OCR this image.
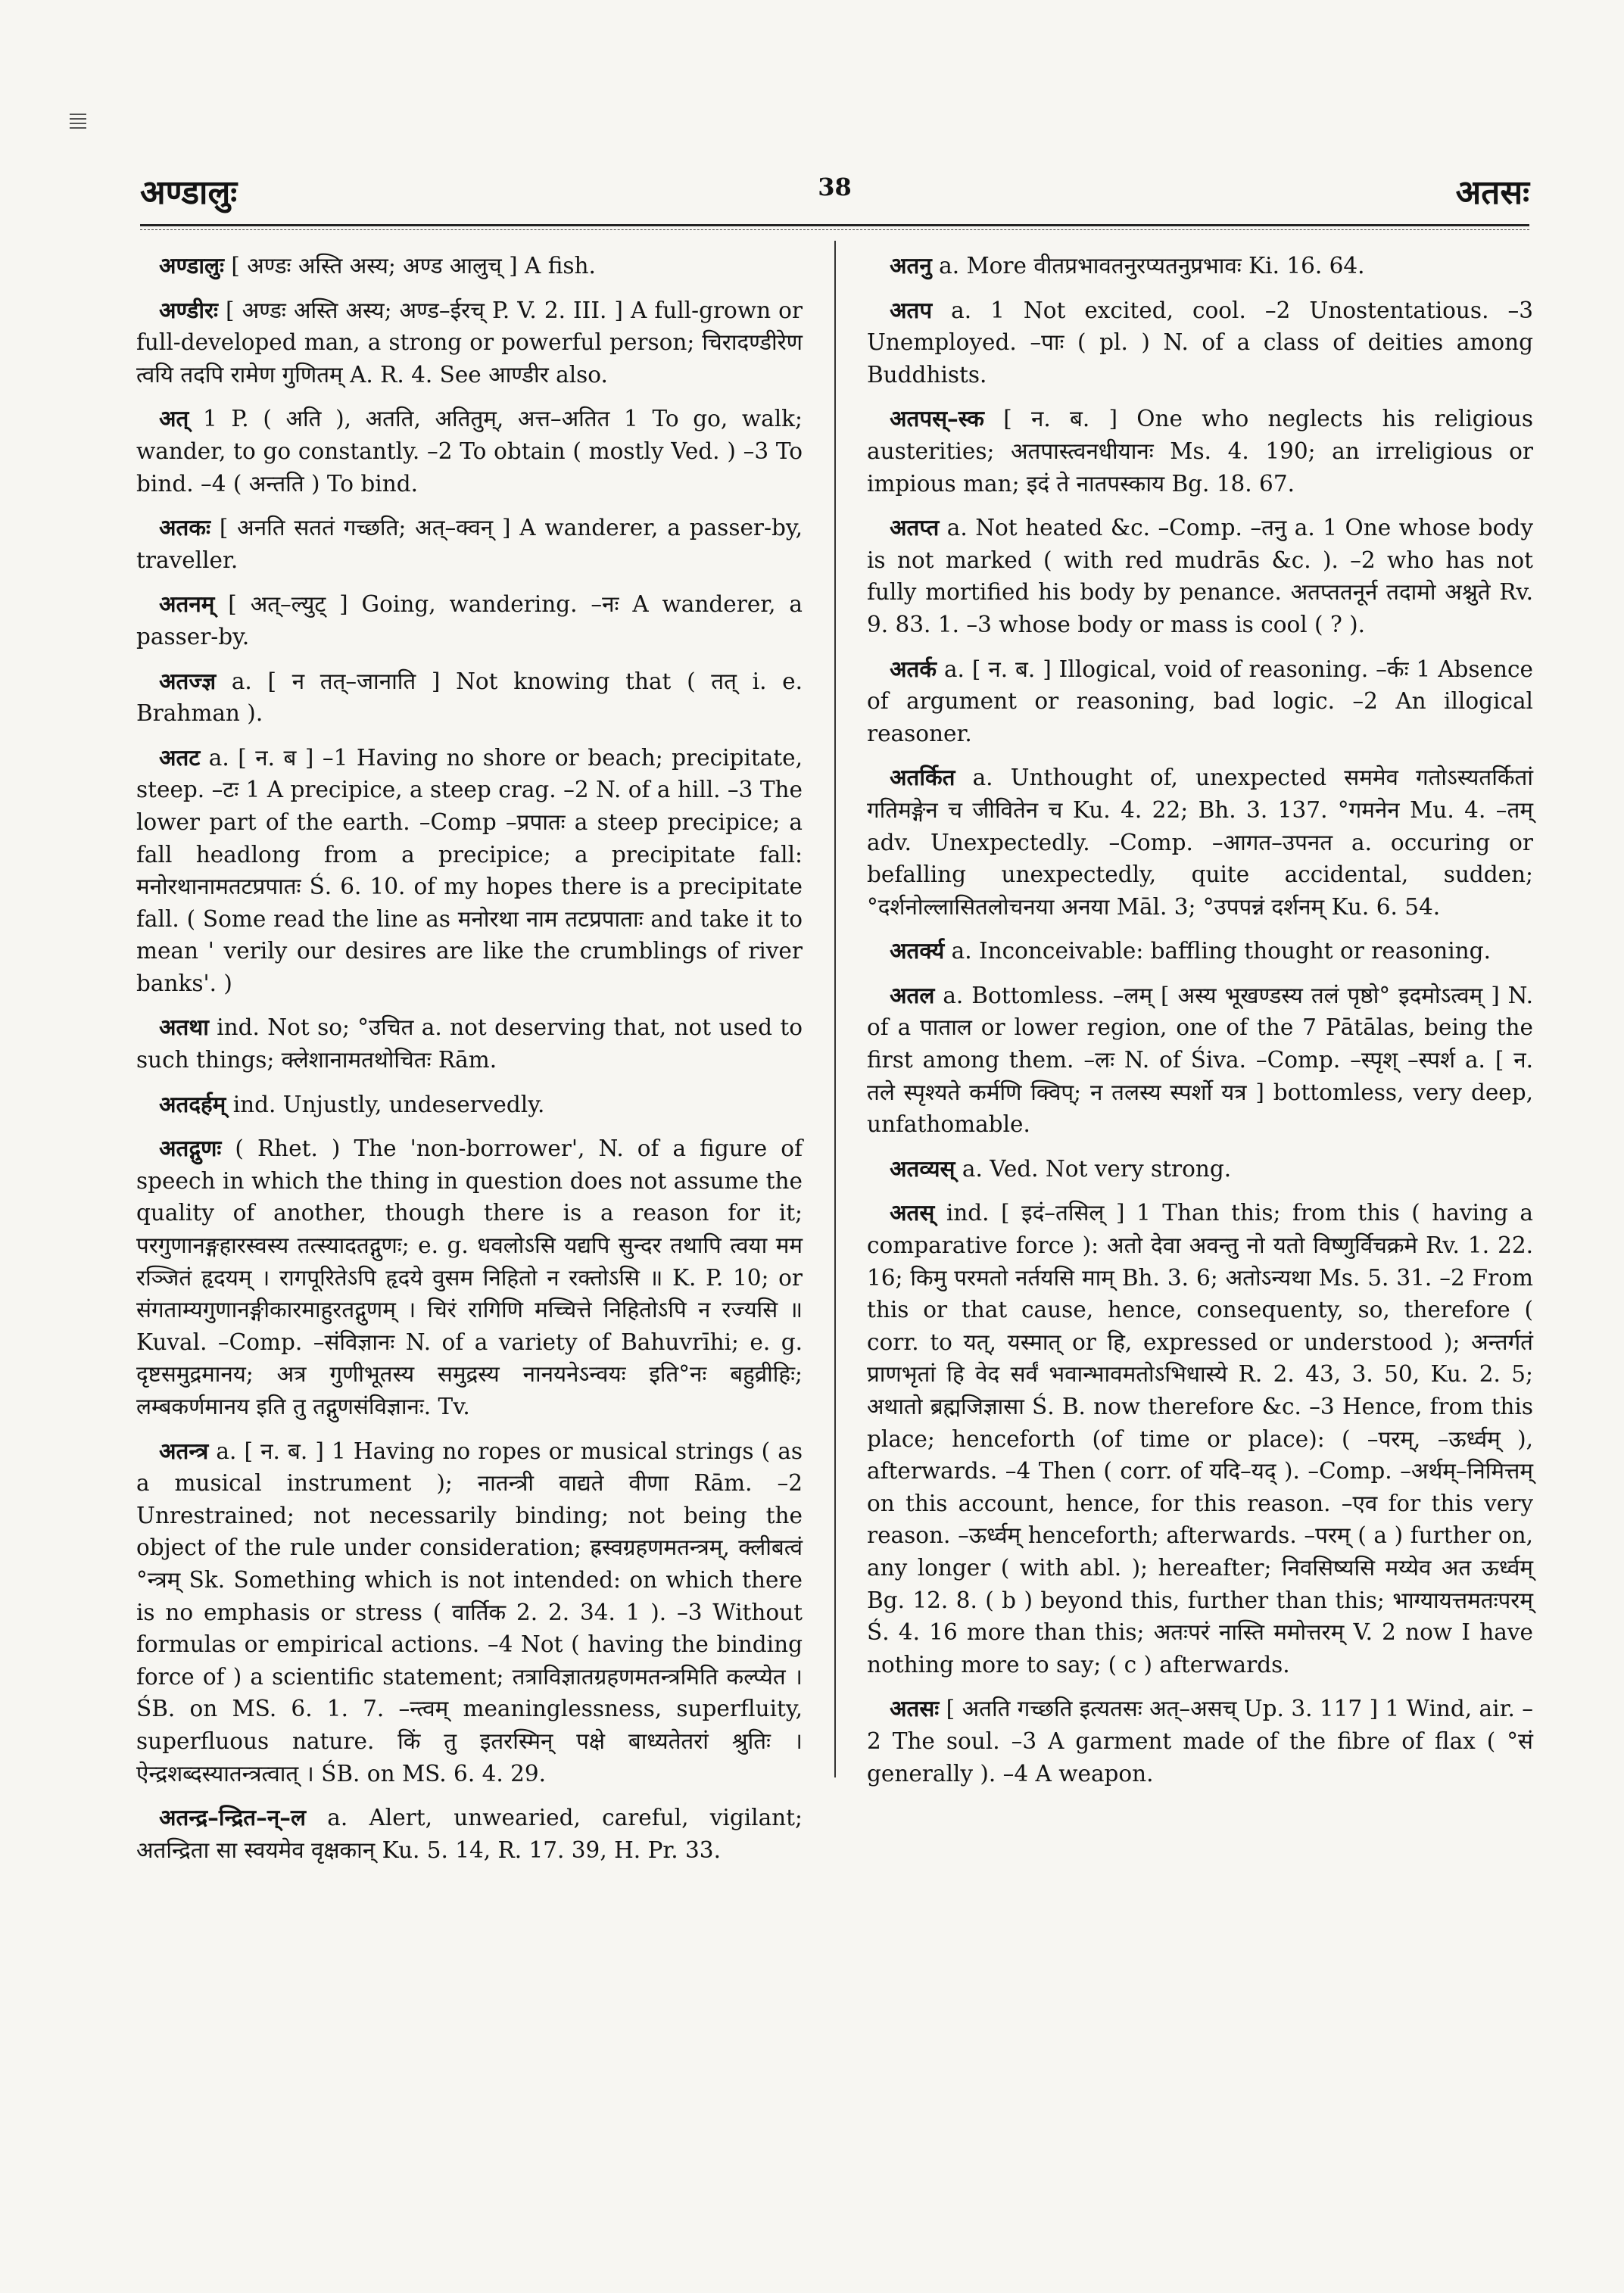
अण्डालुः	38	अतसः

अण्डालुः [ अण्डः अस्ति अस्य; अण्ड आलुच् ] A fish.

अण्डीरः [ अण्डः अस्ति अस्य; अण्ड–ईरच् P. V. 2. III. ] A full-grown or full-developed man, a strong or powerful person; चिरादण्डीरेण त्वयि तदपि रामेण गुणितम् A. R. 4. See आण्डीर also.

अत् 1 P. ( अति ), अतति, अतितुम्, अत्त–अतित 1 To go, walk; wander, to go constantly. –2 To obtain ( mostly Ved. ) –3 To bind. –4 ( अन्तति ) To bind.

अतकः [ अनति सततं गच्छति; अत्–क्वन् ] A wanderer, a passer-by, traveller.

अतनम् [ अत्–ल्युट् ] Going, wandering. –नः A wanderer, a passer-by.

अतज्ज्ञ a. [ न तत्–जानाति ] Not knowing that ( तत् i. e. Brahman ).

अतट a. [ न. ब ] –1 Having no shore or beach; precipitate, steep. –टः 1 A precipice, a steep crag. –2 N. of a hill. –3 The lower part of the earth. –Comp –प्रपातः a steep precipice; a fall headlong from a precipice; a precipitate fall: मनोरथानामतटप्रपातः Ś. 6. 10. of my hopes there is a precipitate fall. ( Some read the line as मनोरथा नाम तटप्रपाताः and take it to mean ' verily our desires are like the crumblings of river banks'. )

अतथा ind. Not so; °उचित a. not deserving that, not used to such things; क्लेशानामतथोचितः Rām.

अतदर्हम् ind. Unjustly, undeservedly.

अतद्गुणः ( Rhet. ) The 'non-borrower', N. of a figure of speech in which the thing in question does not assume the quality of another, though there is a reason for it; परगुणानङ्गहारस्वस्य तत्स्यादतद्गुणः; e. g. धवलोऽसि यद्यपि सुन्दर तथापि त्वया मम रञ्जितं हृदयम् । रागपूरितेऽपि हृदये वुसम निहितो न रक्तोऽसि ॥ K. P. 10; or संगताम्यगुणानङ्गीकारमाहुरतद्गुणम् । चिरं रागिणि मच्चित्ते निहितोऽपि न रज्यसि ॥ Kuval. –Comp. –संविज्ञानः N. of a variety of Bahuvrīhi; e. g. दृष्टसमुद्रमानय; अत्र गुणीभूतस्य समुद्रस्य नानयनेऽन्वयः इति°नः बहुव्रीहिः; लम्बकर्णमानय इति तु तद्गुणसंविज्ञानः. Tv.

अतन्त्र a. [ न. ब. ] 1 Having no ropes or musical strings ( as a musical instrument ); नातन्त्री वाद्यते वीणा Rām. –2 Unrestrained; not necessarily binding; not being the object of the rule under consideration; ह्रस्वग्रहणमतन्त्रम्, क्लीबत्वं °न्त्रम् Sk. Something which is not intended: on which there is no emphasis or stress ( वार्तिक 2. 2. 34. 1 ). –3 Without formulas or empirical actions. –4 Not ( having the binding force of ) a scientific statement; तत्राविज्ञातग्रहणमतन्त्रमिति कल्प्येत । ŚB. on MS. 6. 1. 7. –न्त्वम् meaninglessness, superfluity, superfluous nature. किं तु इतरस्मिन् पक्षे बाध्यतेतरां श्रुतिः । ऐन्द्रशब्दस्यातन्त्रत्वात् । ŚB. on MS. 6. 4. 29.

अतन्द्र–न्द्रित–न्–ल a. Alert, unwearied, careful, vigilant; अतन्द्रिता सा स्वयमेव वृक्षकान् Ku. 5. 14, R. 17. 39, H. Pr. 33.

अतनु a. More वीतप्रभावतनुरप्यतनुप्रभावः Ki. 16. 64.

अतप a. 1 Not excited, cool. –2 Unostentatious. –3 Unemployed. –पाः ( pl. ) N. of a class of deities among Buddhists.

अतपस्–स्क [ न. ब. ] One who neglects his religious austerities; अतपास्त्वनधीयानः Ms. 4. 190; an irreligious or impious man; इदं ते नातपस्काय Bg. 18. 67.

अतप्त a. Not heated &c. –Comp. –तनु a. 1 One whose body is not marked ( with red mudrās &c. ). –2 who has not fully mortified his body by penance. अतप्ततनूर्न तदामो अश्नुते Rv. 9. 83. 1. –3 whose body or mass is cool ( ? ).

अतर्क a. [ न. ब. ] Illogical, void of reasoning. –र्कः 1 Absence of argument or reasoning, bad logic. –2 An illogical reasoner.

अतर्कित a. Unthought of, unexpected सममेव गतोऽस्यतर्कितां गतिमङ्गेन च जीवितेन च Ku. 4. 22; Bh. 3. 137. °गमनेन Mu. 4. –तम् adv. Unexpectedly. –Comp. –आगत–उपनत a. occuring or befalling unexpectedly, quite accidental, sudden; °दर्शनोल्लासितलोचनया अनया Māl. 3; °उपपन्नं दर्शनम् Ku. 6. 54.

अतर्क्य a. Inconceivable: baffling thought or reasoning.

अतल a. Bottomless. –लम् [ अस्य भूखण्डस्य तलं पृष्ठो° इदमोऽत्वम् ] N. of a पाताल or lower region, one of the 7 Pātālas, being the first among them. –लः N. of Śiva. –Comp. –स्पृश् –स्पर्श a. [ न. तले स्पृश्यते कर्मणि क्विप्; न तलस्य स्पर्शो यत्र ] bottomless, very deep, unfathomable.

अतव्यस् a. Ved. Not very strong.

अतस् ind. [ इदं–तसिल् ] 1 Than this; from this ( having a comparative force ): अतो देवा अवन्तु नो यतो विष्णुर्विचक्रमे Rv. 1. 22. 16; किमु परमतो नर्तयसि माम् Bh. 3. 6; अतोऽन्यथा Ms. 5. 31. –2 From this or that cause, hence, consequenty, so, therefore ( corr. to यत्, यस्मात् or हि, expressed or understood ); अन्तर्गतं प्राणभृतां हि वेद सर्वं भवान्भावमतोऽभिधास्ये R. 2. 43, 3. 50, Ku. 2. 5; अथातो ब्रह्मजिज्ञासा Ś. B. now therefore &c. –3 Hence, from this place; henceforth (of time or place): ( –परम्, –ऊर्ध्वम् ), afterwards. –4 Then ( corr. of यदि–यद् ). –Comp. –अर्थम्–निमित्तम् on this account, hence, for this reason. –एव for this very reason. –ऊर्ध्वम् henceforth; afterwards. –परम् ( a ) further on, any longer ( with abl. ); hereafter; निवसिष्यसि मय्येव अत ऊर्ध्वम् Bg. 12. 8. ( b ) beyond this, further than this; भाग्यायत्तमतःपरम् Ś. 4. 16 more than this; अतःपरं नास्ति ममोत्तरम् V. 2 now I have nothing more to say; ( c ) afterwards.

अतसः [ अतति गच्छति इत्यतसः अत्–असच् Up. 3. 117 ] 1 Wind, air. –2 The soul. –3 A garment made of the fibre of flax ( °सं generally ). –4 A weapon.
